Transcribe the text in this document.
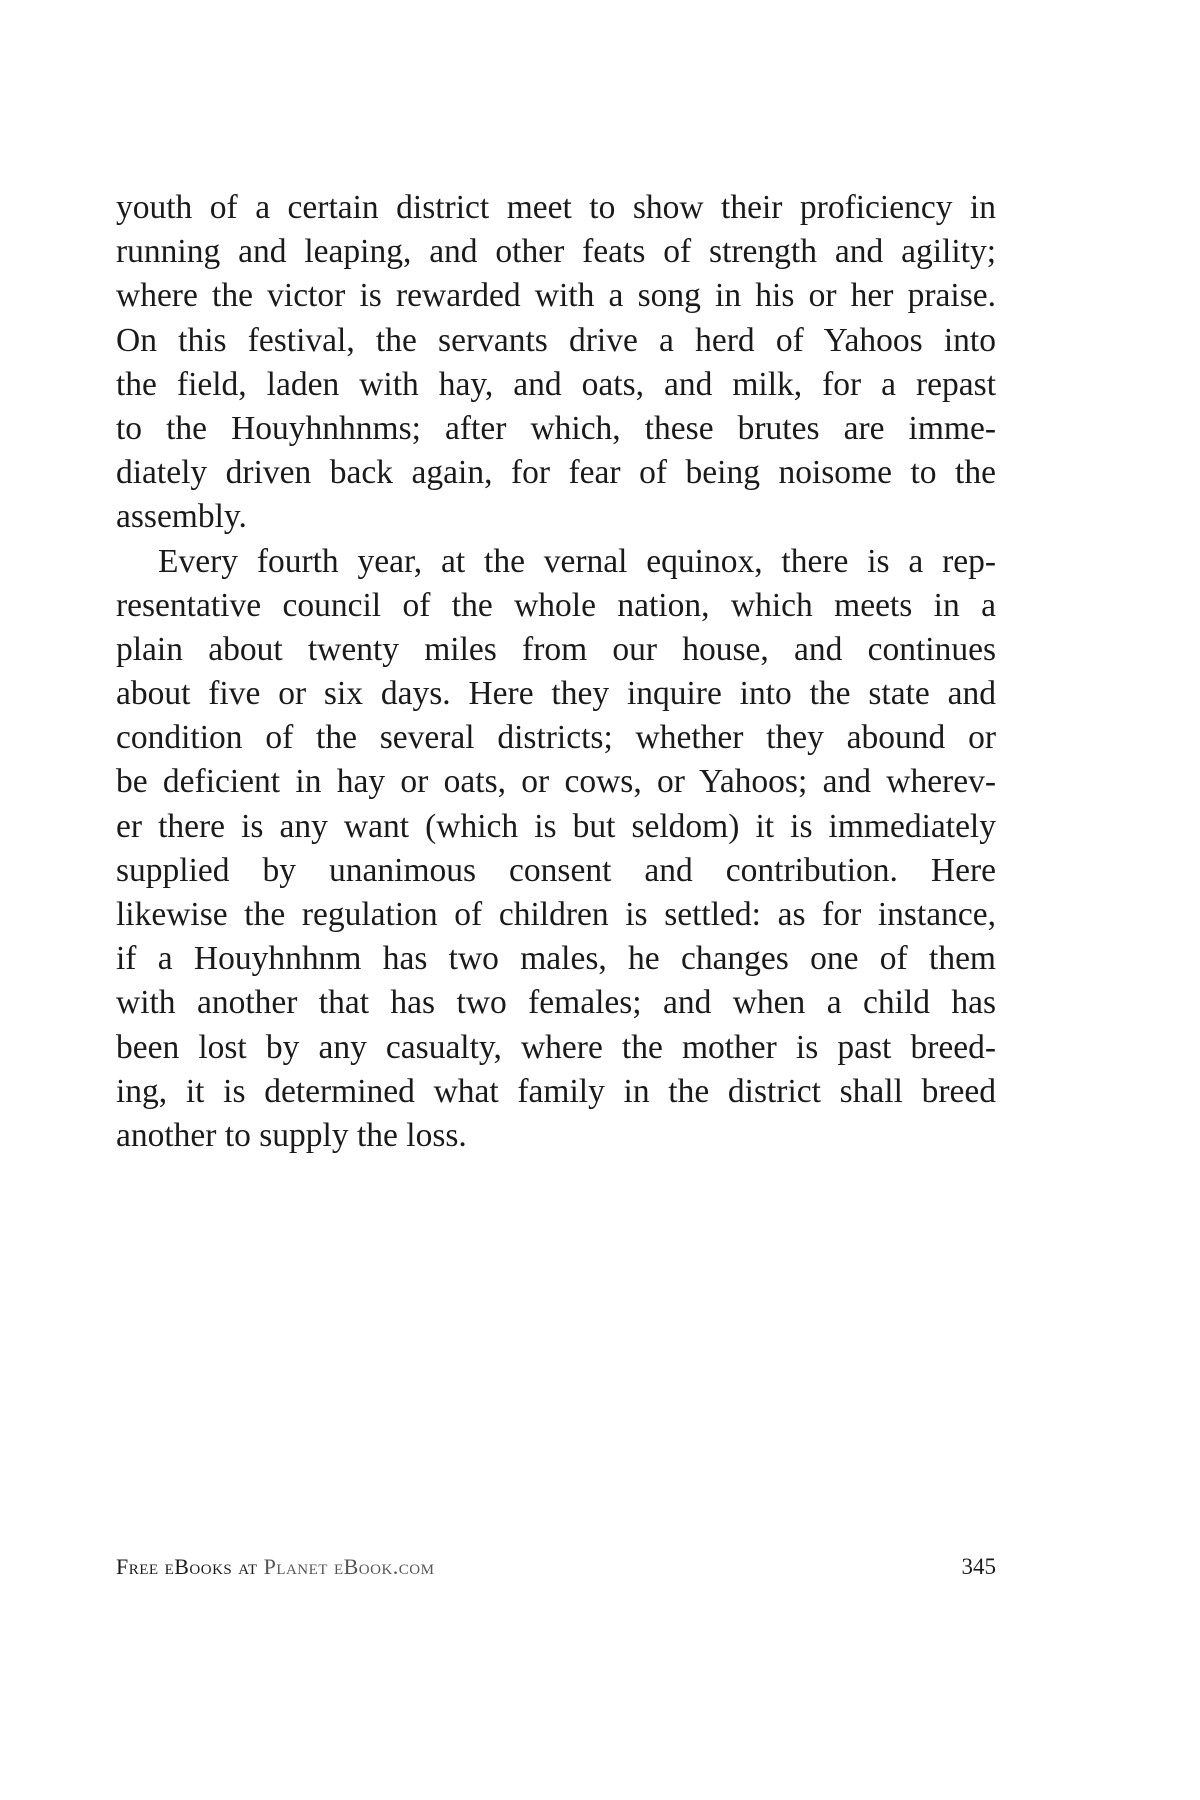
youth of a certain district meet to show their proficiency in
running and leaping, and other feats of strength and agility;
where the victor is rewarded with a song in his or her praise.
On this festival, the servants drive a herd of Yahoos into
the field, laden with hay, and oats, and milk, for a repast
to the Houyhnhnms; after which, these brutes are imme-
diately driven back again, for fear of being noisome to the
assembly.

Every fourth year, at the vernal equinox, there is a rep-
resentative council of the whole nation, which meets in a
plain about twenty miles from our house, and continues
about five or six days. Here they inquire into the state and
condition of the several districts; whether they abound or
be deficient in hay or oats, or cows, or Yahoos; and wherev-
er there is any want (which is but seldom) it is immediately
supplied by unanimous consent and contribution. Here
likewise the regulation of children is settled: as for instance,
if a Houyhnhnm has two males, he changes one of them
with another that has two females; and when a child has
been lost by any casualty, where the mother is past breed-
ing, it is determined what family in the district shall breed
another to supply the loss.

Free eBooks at Planet eBook.com	345
